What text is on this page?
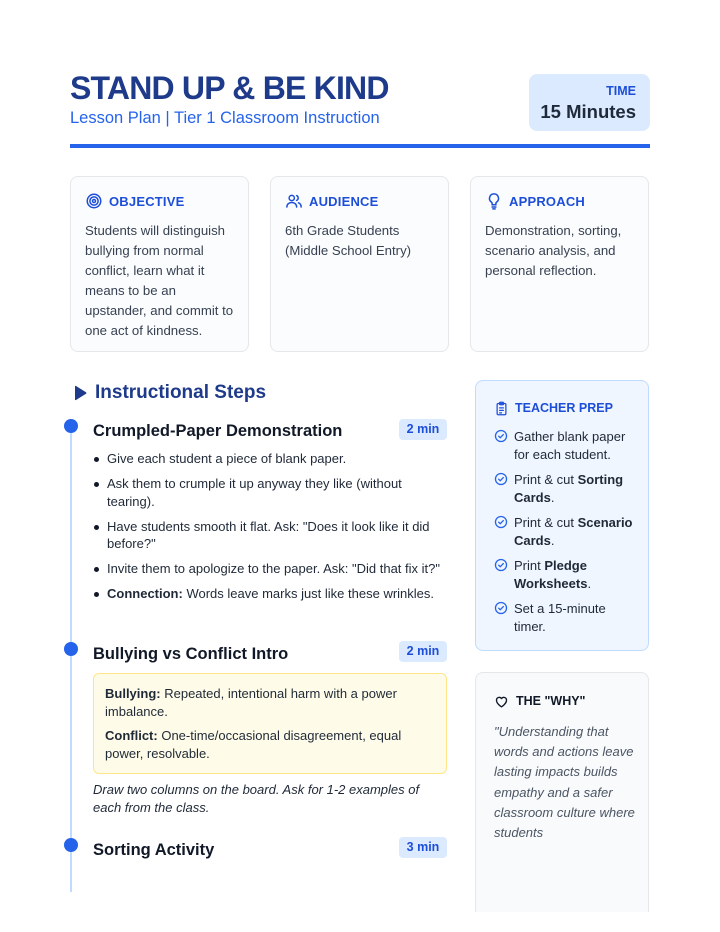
STAND UP & BE KIND
Lesson Plan | Tier 1 Classroom Instruction
TIME
15 Minutes
OBJECTIVE
Students will distinguish bullying from normal conflict, learn what it means to be an upstander, and commit to one act of kindness.
AUDIENCE
6th Grade Students (Middle School Entry)
APPROACH
Demonstration, sorting, scenario analysis, and personal reflection.
Instructional Steps
Crumpled-Paper Demonstration	2 min
Give each student a piece of blank paper.
Ask them to crumple it up anyway they like (without tearing).
Have students smooth it flat. Ask: "Does it look like it did before?"
Invite them to apologize to the paper. Ask: "Did that fix it?"
Connection: Words leave marks just like these wrinkles.
Bullying vs Conflict Intro	2 min

Bullying: Repeated, intentional harm with a power imbalance.

Conflict: One-time/occasional disagreement, equal power, resolvable.

Draw two columns on the board. Ask for 1-2 examples of each from the class.
Sorting Activity	3 min
TEACHER PREP
Gather blank paper for each student.
Print & cut Sorting Cards.
Print & cut Scenario Cards.
Print Pledge Worksheets.
Set a 15-minute timer.
THE "WHY"
"Understanding that words and actions leave lasting impacts builds empathy and a safer classroom culture where students
